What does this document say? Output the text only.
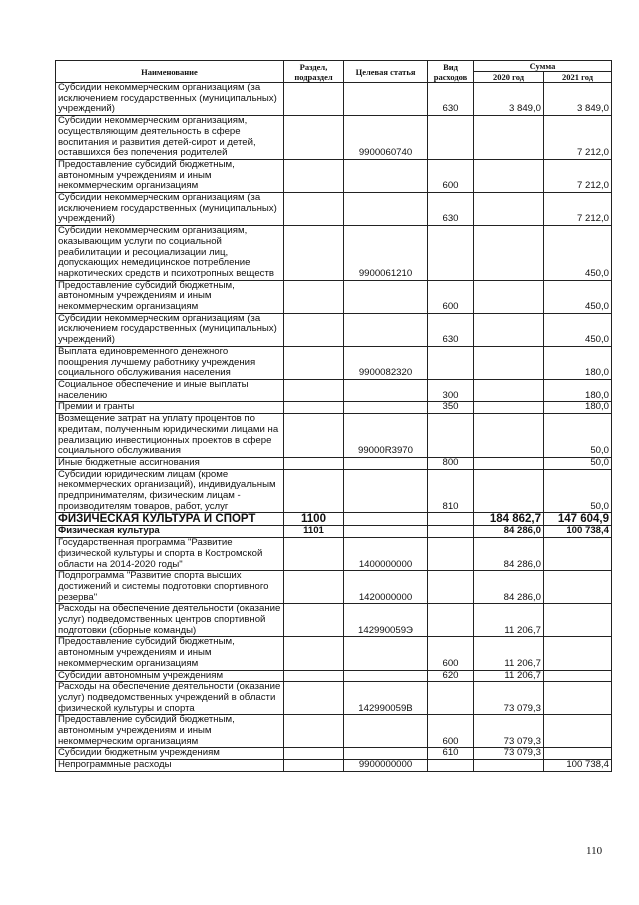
Наименование	Раздел, подраздел	Целевая статья	Вид расходов	Сумма	
				2020 год	2021 год
Субсидии некоммерческим организациям (за исключением государственных (муниципальных) учреждений)			630	3 849,0	3 849,0
Субсидии некоммерческим организациям, осуществляющим деятельность в сфере воспитания и развития детей-сирот и детей, оставшихся без попечения родителей		9900060740			7 212,0
Предоставление субсидий бюджетным, автономным учреждениям и иным некоммерческим организациям			600		7 212,0
Субсидии некоммерческим организациям (за исключением государственных (муниципальных) учреждений)			630		7 212,0
Субсидии некоммерческим организациям, оказывающим услуги по социальной реабилитации и ресоциализации лиц, допускающих немедицинское потребление наркотических средств и психотропных веществ		9900061210			450,0
Предоставление субсидий бюджетным, автономным учреждениям и иным некоммерческим организациям			600		450,0
Субсидии некоммерческим организациям (за исключением государственных (муниципальных) учреждений)			630		450,0
Выплата единовременного денежного поощрения лучшему работнику учреждения социального обслуживания населения		9900082320			180,0
Социальное обеспечение и иные выплаты населению			300		180,0
Премии и гранты			350		180,0
Возмещение затрат на уплату процентов по кредитам, полученным юридическими лицами на реализацию инвестиционных проектов в сфере социального обслуживания		99000R3970			50,0
Иные бюджетные ассигнования			800		50,0
Субсидии юридическим лицам (кроме некоммерческих организаций), индивидуальным предпринимателям, физическим лицам - производителям товаров, работ, услуг			810		50,0
ФИЗИЧЕСКАЯ КУЛЬТУРА И СПОРТ	1100			184 862,7	147 604,9
Физическая культура	1101			84 286,0	100 738,4
Государственная программа "Развитие физической культуры и спорта в Костромской области на 2014-2020 годы"		1400000000		84 286,0	
Подпрограмма "Развитие спорта высших достижений и системы подготовки спортивного резерва"		1420000000		84 286,0	
Расходы на обеспечение деятельности (оказание услуг) подведомственных центров спортивной подготовки (сборные команды)		142990059Э		11 206,7	
Предоставление субсидий бюджетным, автономным учреждениям и иным некоммерческим организациям			600	11 206,7	
Субсидии автономным учреждениям			620	11 206,7	
Расходы на обеспечение деятельности (оказание услуг) подведомственных учреждений в области физической культуры и спорта		142990059В		73 079,3	
Предоставление субсидий бюджетным, автономным учреждениям и иным некоммерческим организациям			600	73 079,3	
Субсидии бюджетным учреждениям			610	73 079,3	
Непрограммные расходы		9900000000			100 738,4
110
